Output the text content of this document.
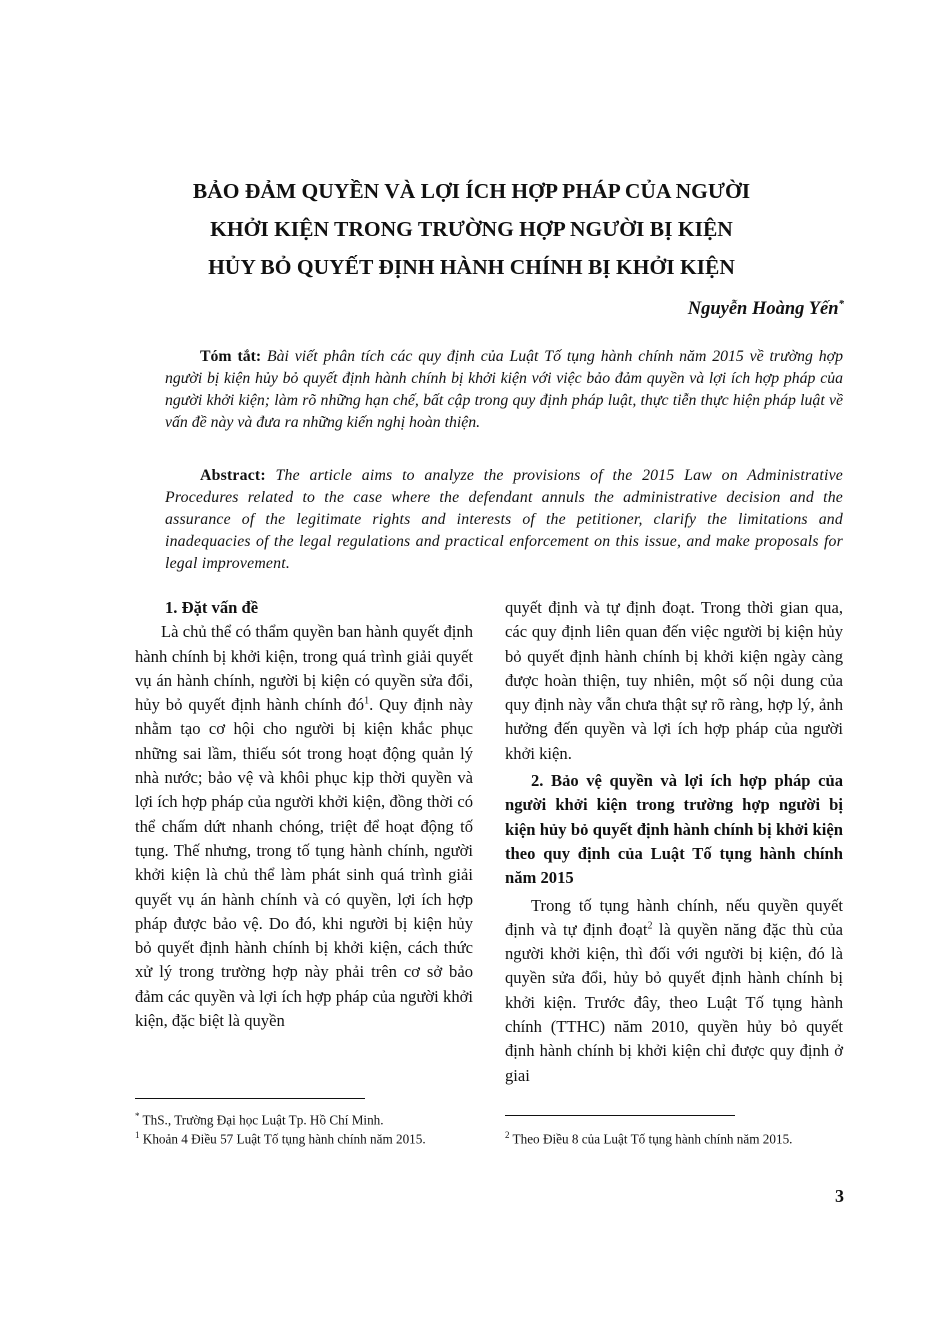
BẢO ĐẢM QUYỀN VÀ LỢI ÍCH HỢP PHÁP CỦA NGƯỜI
KHỞI KIỆN TRONG TRƯỜNG HỢP NGƯỜI BỊ KIỆN
HỦY BỎ QUYẾT ĐỊNH HÀNH CHÍNH BỊ KHỞI KIỆN
Nguyễn Hoàng Yến*

Tóm tắt: Bài viết phân tích các quy định của Luật Tố tụng hành chính năm 2015 về trường hợp người bị kiện hủy bỏ quyết định hành chính bị khởi kiện với việc bảo đảm quyền và lợi ích hợp pháp của người khởi kiện; làm rõ những hạn chế, bất cập trong quy định pháp luật, thực tiễn thực hiện pháp luật về vấn đề này và đưa ra những kiến nghị hoàn thiện.

Abstract: The article aims to analyze the provisions of the 2015 Law on Administrative Procedures related to the case where the defendant annuls the administrative decision and the assurance of the legitimate rights and interests of the petitioner, clarify the limitations and inadequacies of the legal regulations and practical enforcement on this issue, and make proposals for legal improvement.

1. Đặt vấn đề

Là chủ thể có thẩm quyền ban hành quyết định hành chính bị khởi kiện, trong quá trình giải quyết vụ án hành chính, người bị kiện có quyền sửa đổi, hủy bỏ quyết định hành chính $đó^1$. Quy định này nhằm tạo cơ hội cho người bị kiện khắc phục những sai lầm, thiếu sót trong hoạt động quản lý nhà nước; bảo vệ và khôi phục kịp thời quyền và lợi ích hợp pháp của người khởi kiện, đồng thời có thể chấm dứt nhanh chóng, triệt để hoạt động tố tụng. Thế nhưng, trong tố tụng hành chính, người khởi kiện là chủ thể làm phát sinh quá trình giải quyết vụ án hành chính và có quyền, lợi ích hợp pháp được bảo vệ. Do đó, khi người bị kiện hủy bỏ quyết định hành chính bị khởi kiện, cách thức xử lý trong trường hợp này phải trên cơ sở bảo đảm các quyền và lợi ích hợp pháp của người khởi kiện, đặc biệt là quyền

quyết định và tự định đoạt. Trong thời gian qua, các quy định liên quan đến việc người bị kiện hủy bỏ quyết định hành chính bị khởi kiện ngày càng được hoàn thiện, tuy nhiên, một số nội dung của quy định này vẫn chưa thật sự rõ ràng, hợp lý, ảnh hưởng đến quyền và lợi ích hợp pháp của người khởi kiện.

2. Bảo vệ quyền và lợi ích hợp pháp của người khởi kiện trong trường hợp người bị kiện hủy bỏ quyết định hành chính bị khởi kiện theo quy định của Luật Tố tụng hành chính năm 2015

Trong tố tụng hành chính, nếu quyền quyết định và tự định đoạt$^2$ là quyền năng đặc thù của người khởi kiện, thì đối với người bị kiện, đó là quyền sửa đổi, hủy bỏ quyết định hành chính bị khởi kiện. Trước đây, theo Luật Tố tụng hành chính (TTHC) năm 2010, quyền hủy bỏ quyết định hành chính bị khởi kiện chỉ được quy định ở giai

* ThS., Trường Đại học Luật Tp. Hồ Chí Minh.

$^1$ Khoản 4 Điều 57 Luật Tố tụng hành chính năm 2015.	$^2$ Theo Điều 8 của Luật Tố tụng hành chính năm 2015.

3
